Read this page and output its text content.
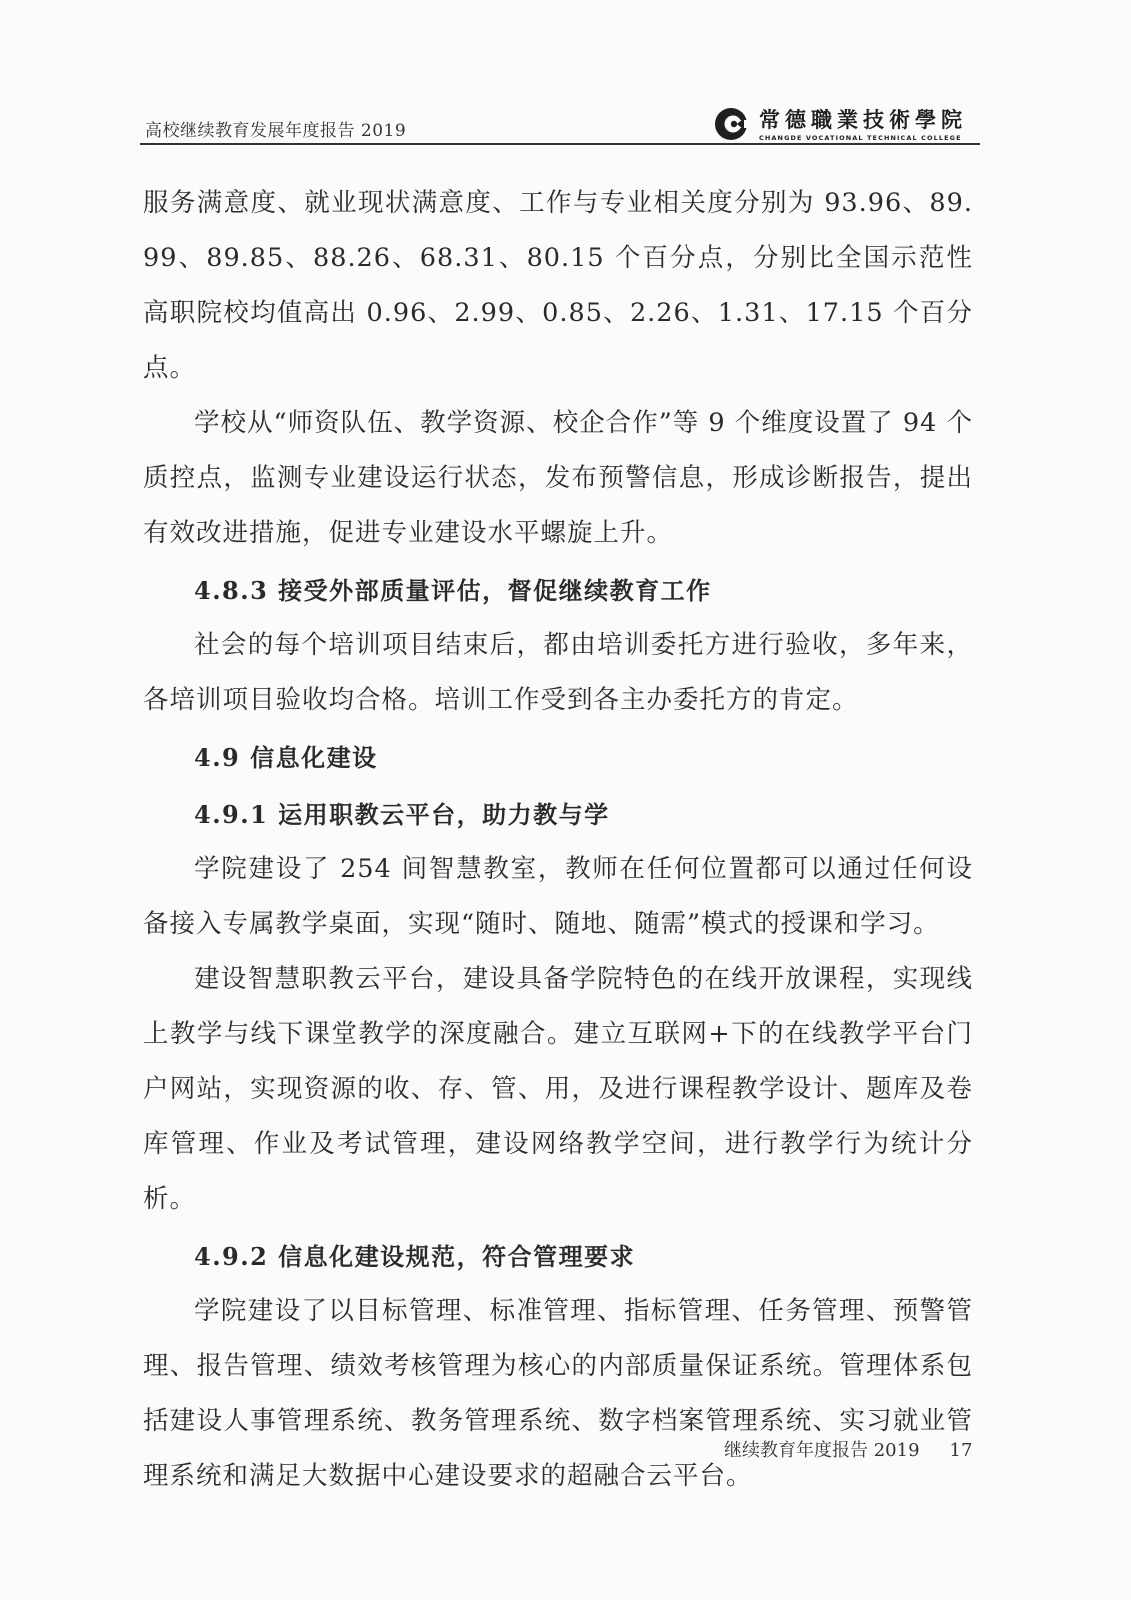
高校继续教育发展年度报告 2019	常德職業技術學院
CHANGDE VOCATIONAL TECHNICAL COLLEGE

服务满意度、就业现状满意度、工作与专业相关度分别为 93.96、89.99、89.85、88.26、68.31、80.15 个百分点，分别比全国示范性高职院校均值高出 0.96、2.99、0.85、2.26、1.31、17.15 个百分点。

学校从“师资队伍、教学资源、校企合作”等 9 个维度设置了 94 个质控点，监测专业建设运行状态，发布预警信息，形成诊断报告，提出有效改进措施，促进专业建设水平螺旋上升。

4.8.3 接受外部质量评估，督促继续教育工作

社会的每个培训项目结束后，都由培训委托方进行验收，多年来，各培训项目验收均合格。培训工作受到各主办委托方的肯定。

4.9 信息化建设

4.9.1 运用职教云平台，助力教与学

学院建设了 254 间智慧教室，教师在任何位置都可以通过任何设备接入专属教学桌面，实现“随时、随地、随需”模式的授课和学习。

建设智慧职教云平台，建设具备学院特色的在线开放课程，实现线上教学与线下课堂教学的深度融合。建立互联网+下的在线教学平台门户网站，实现资源的收、存、管、用，及进行课程教学设计、题库及卷库管理、作业及考试管理，建设网络教学空间，进行教学行为统计分析。

4.9.2 信息化建设规范，符合管理要求

学院建设了以目标管理、标准管理、指标管理、任务管理、预警管理、报告管理、绩效考核管理为核心的内部质量保证系统。管理体系包括建设人事管理系统、教务管理系统、数字档案管理系统、实习就业管理系统和满足大数据中心建设要求的超融合云平台。

继续教育年度报告 2019 17
